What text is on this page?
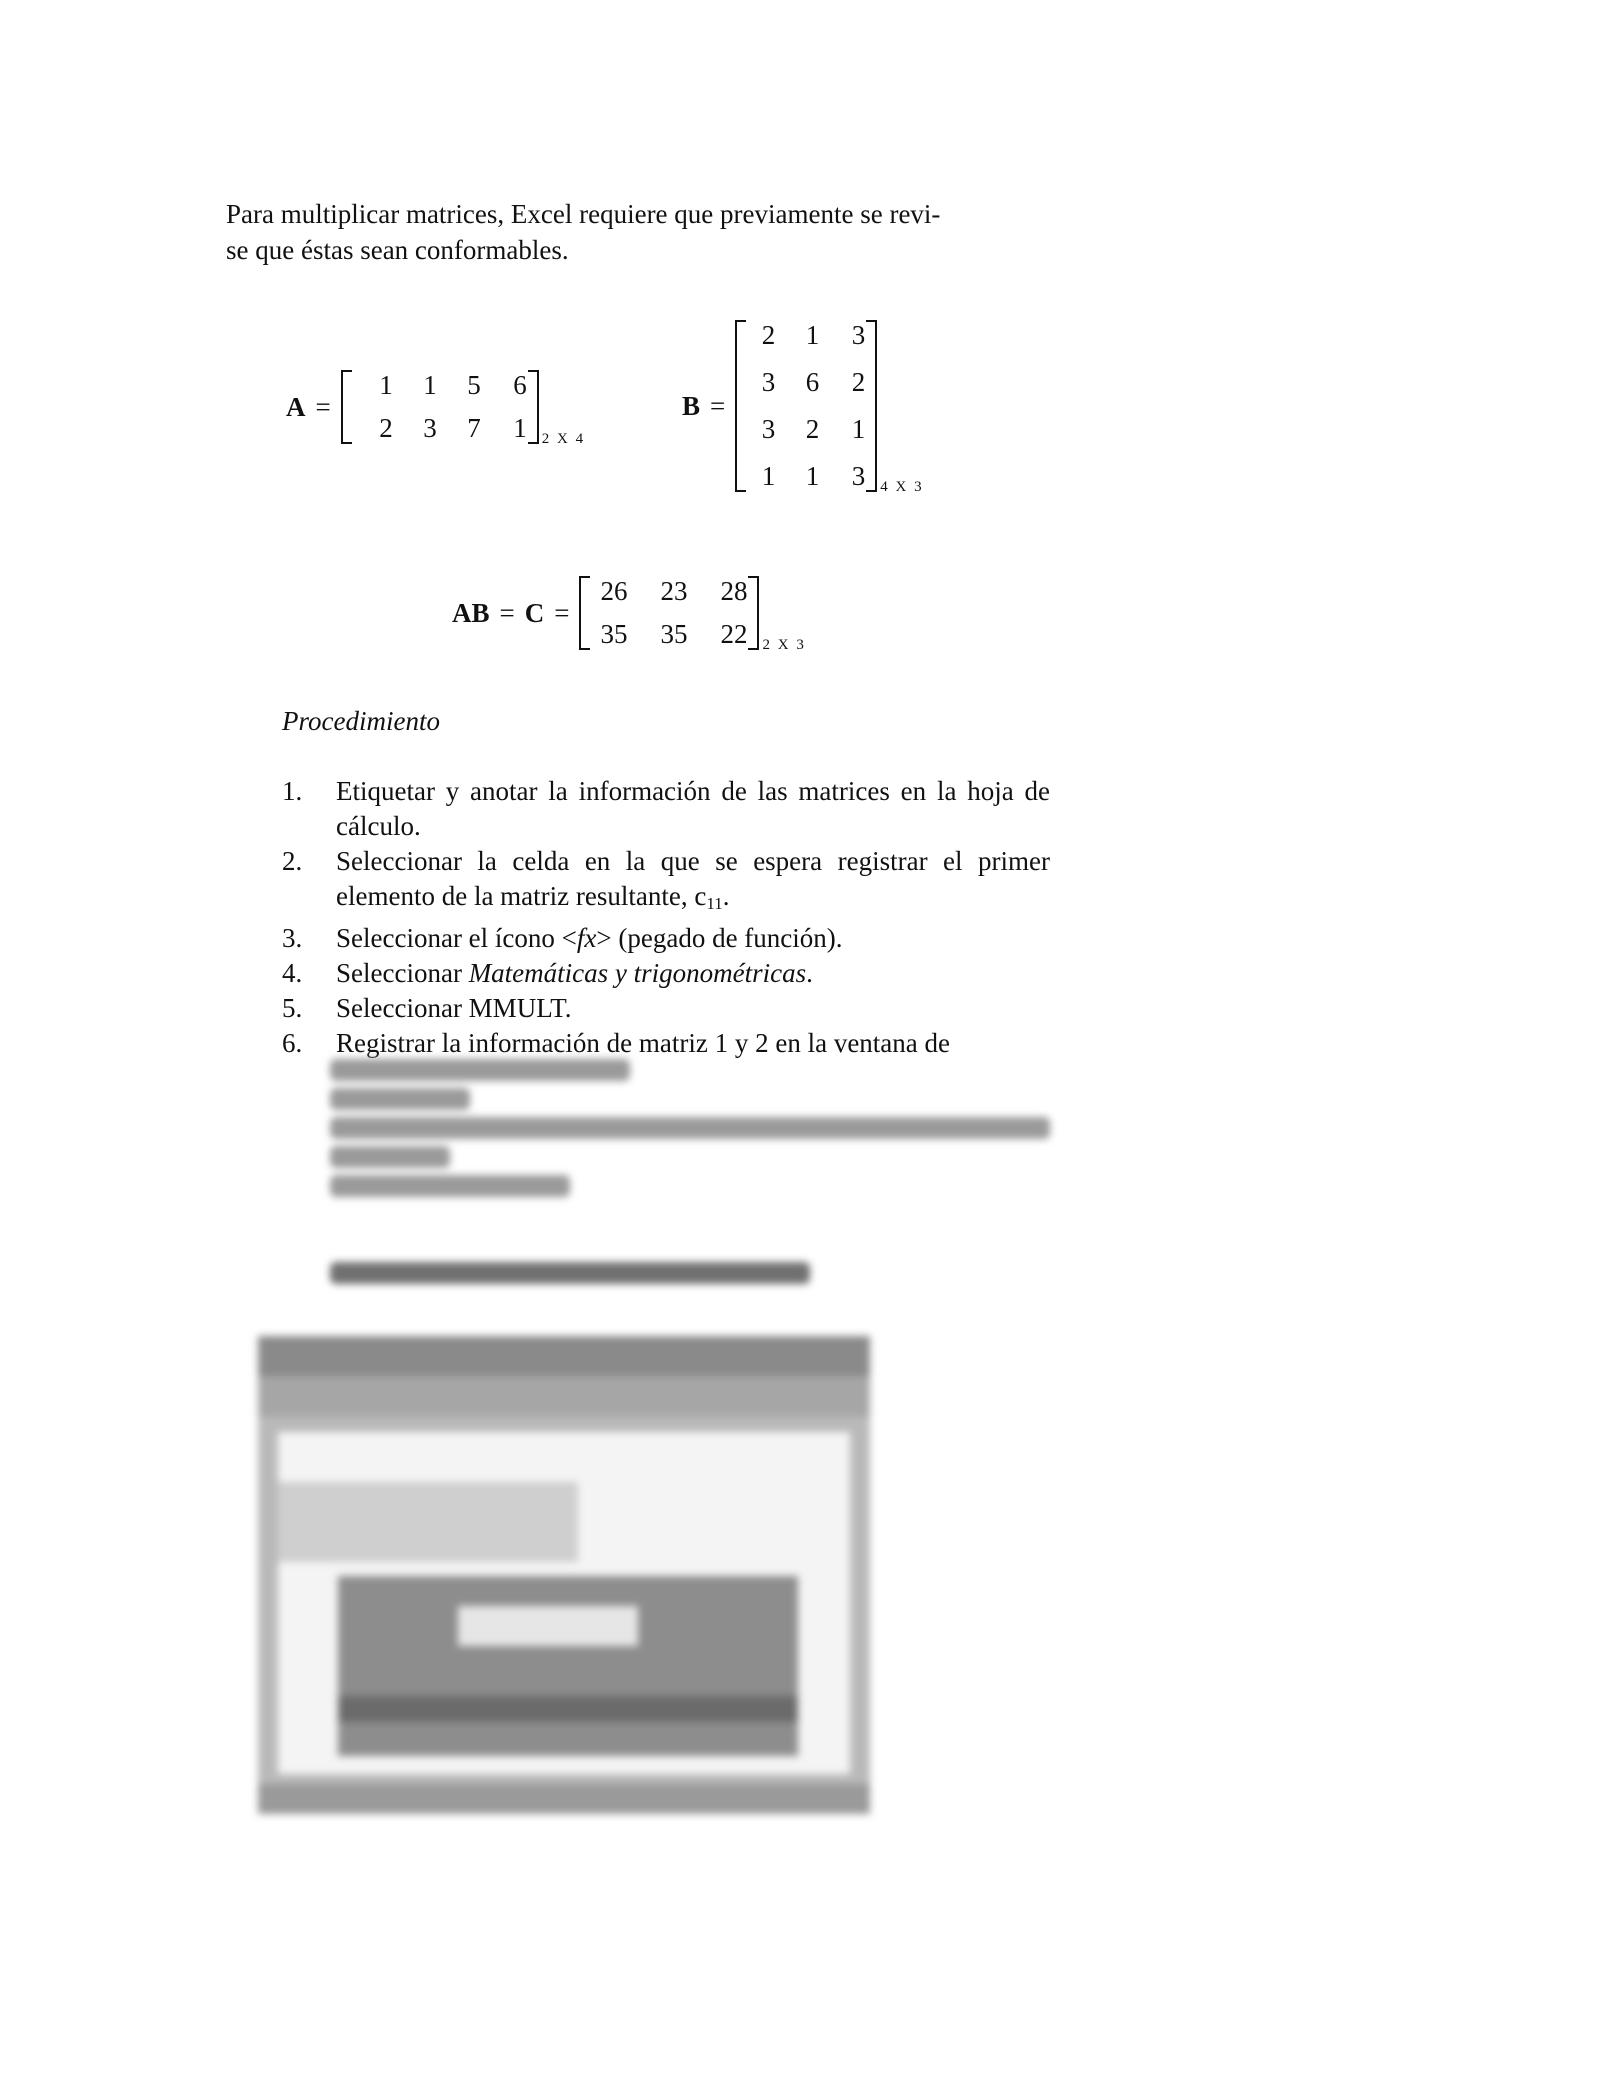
Para multiplicar matrices, Excel requiere que previamente se revi-
se que éstas sean conformables.
A =
1	1	5	6
2	3	7	1 2 X 4
B =
2	1	3
3	6	2
3	2	1
1	1	3 4 X 3
AB = C =
26	23	28
35	35	22 2 X 3
Procedimiento
1.	Etiquetar y anotar la información de las matrices en la hoja de cálculo.
2.	Seleccionar la celda en la que se espera registrar el primer elemento de la matriz resultante, $c_{11}$.
3.	Seleccionar el ícono <fx> (pegado de función).
4.	Seleccionar Matemáticas y trigonométricas.
5.	Seleccionar MMULT.
6.	Registrar la información de matriz 1 y 2 en la ventana de
